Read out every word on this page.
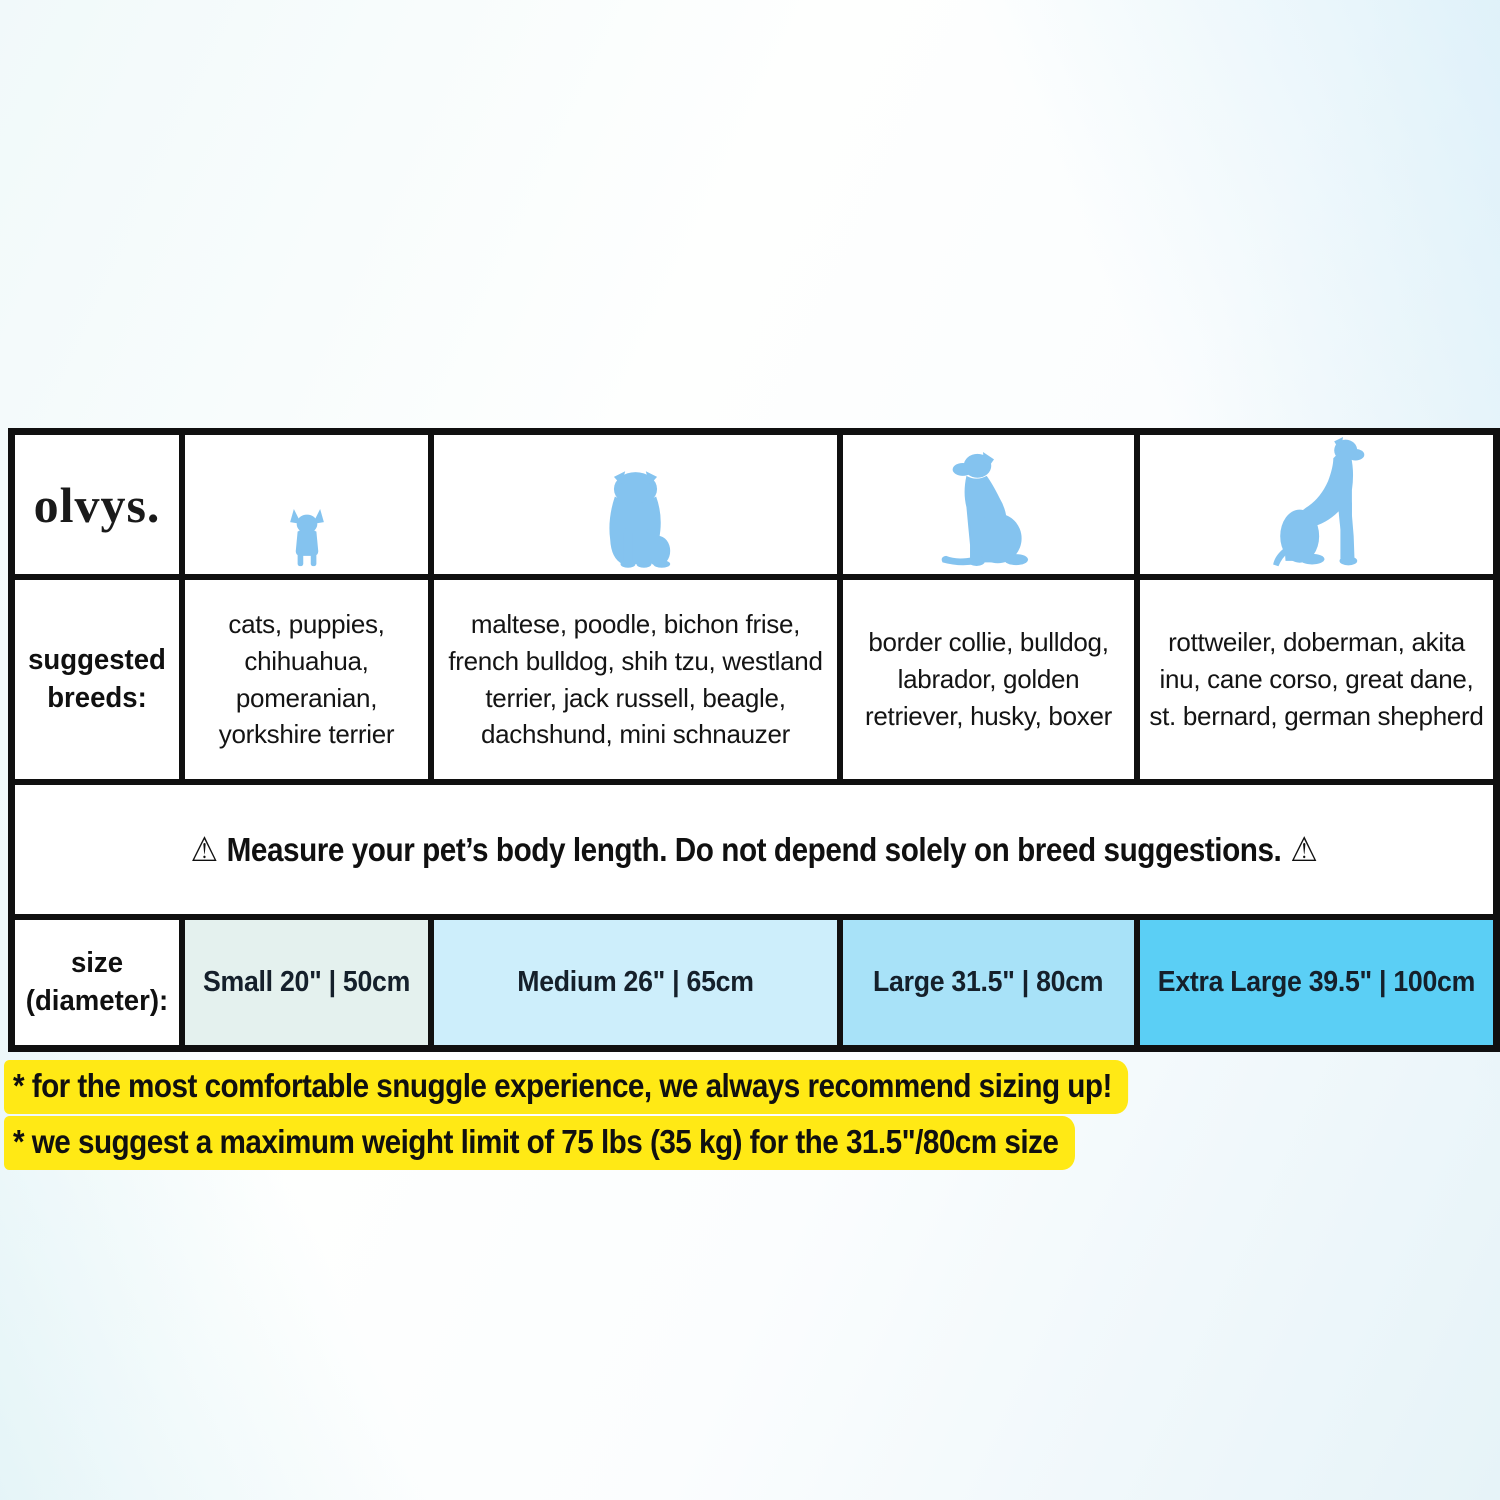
olvys.
suggested breeds:
cats, puppies, chihuahua, pomeranian, yorkshire terrier
maltese, poodle, bichon frise, french bulldog, shih tzu, westland terrier, jack russell, beagle, dachshund, mini schnauzer
border collie, bulldog, labrador, golden retriever, husky, boxer
rottweiler, doberman, akita inu, cane corso, great dane, st. bernard, german shepherd
⚠ Measure your pet’s body length. Do not depend solely on breed suggestions. ⚠
size (diameter):
Small 20" | 50cm	Medium 26" | 65cm	Large 31.5" | 80cm Extra Large 39.5" | 100cm
* for the most comfortable snuggle experience, we always recommend sizing up!
* we suggest a maximum weight limit of 75 lbs (35 kg) for the 31.5"/80cm size
